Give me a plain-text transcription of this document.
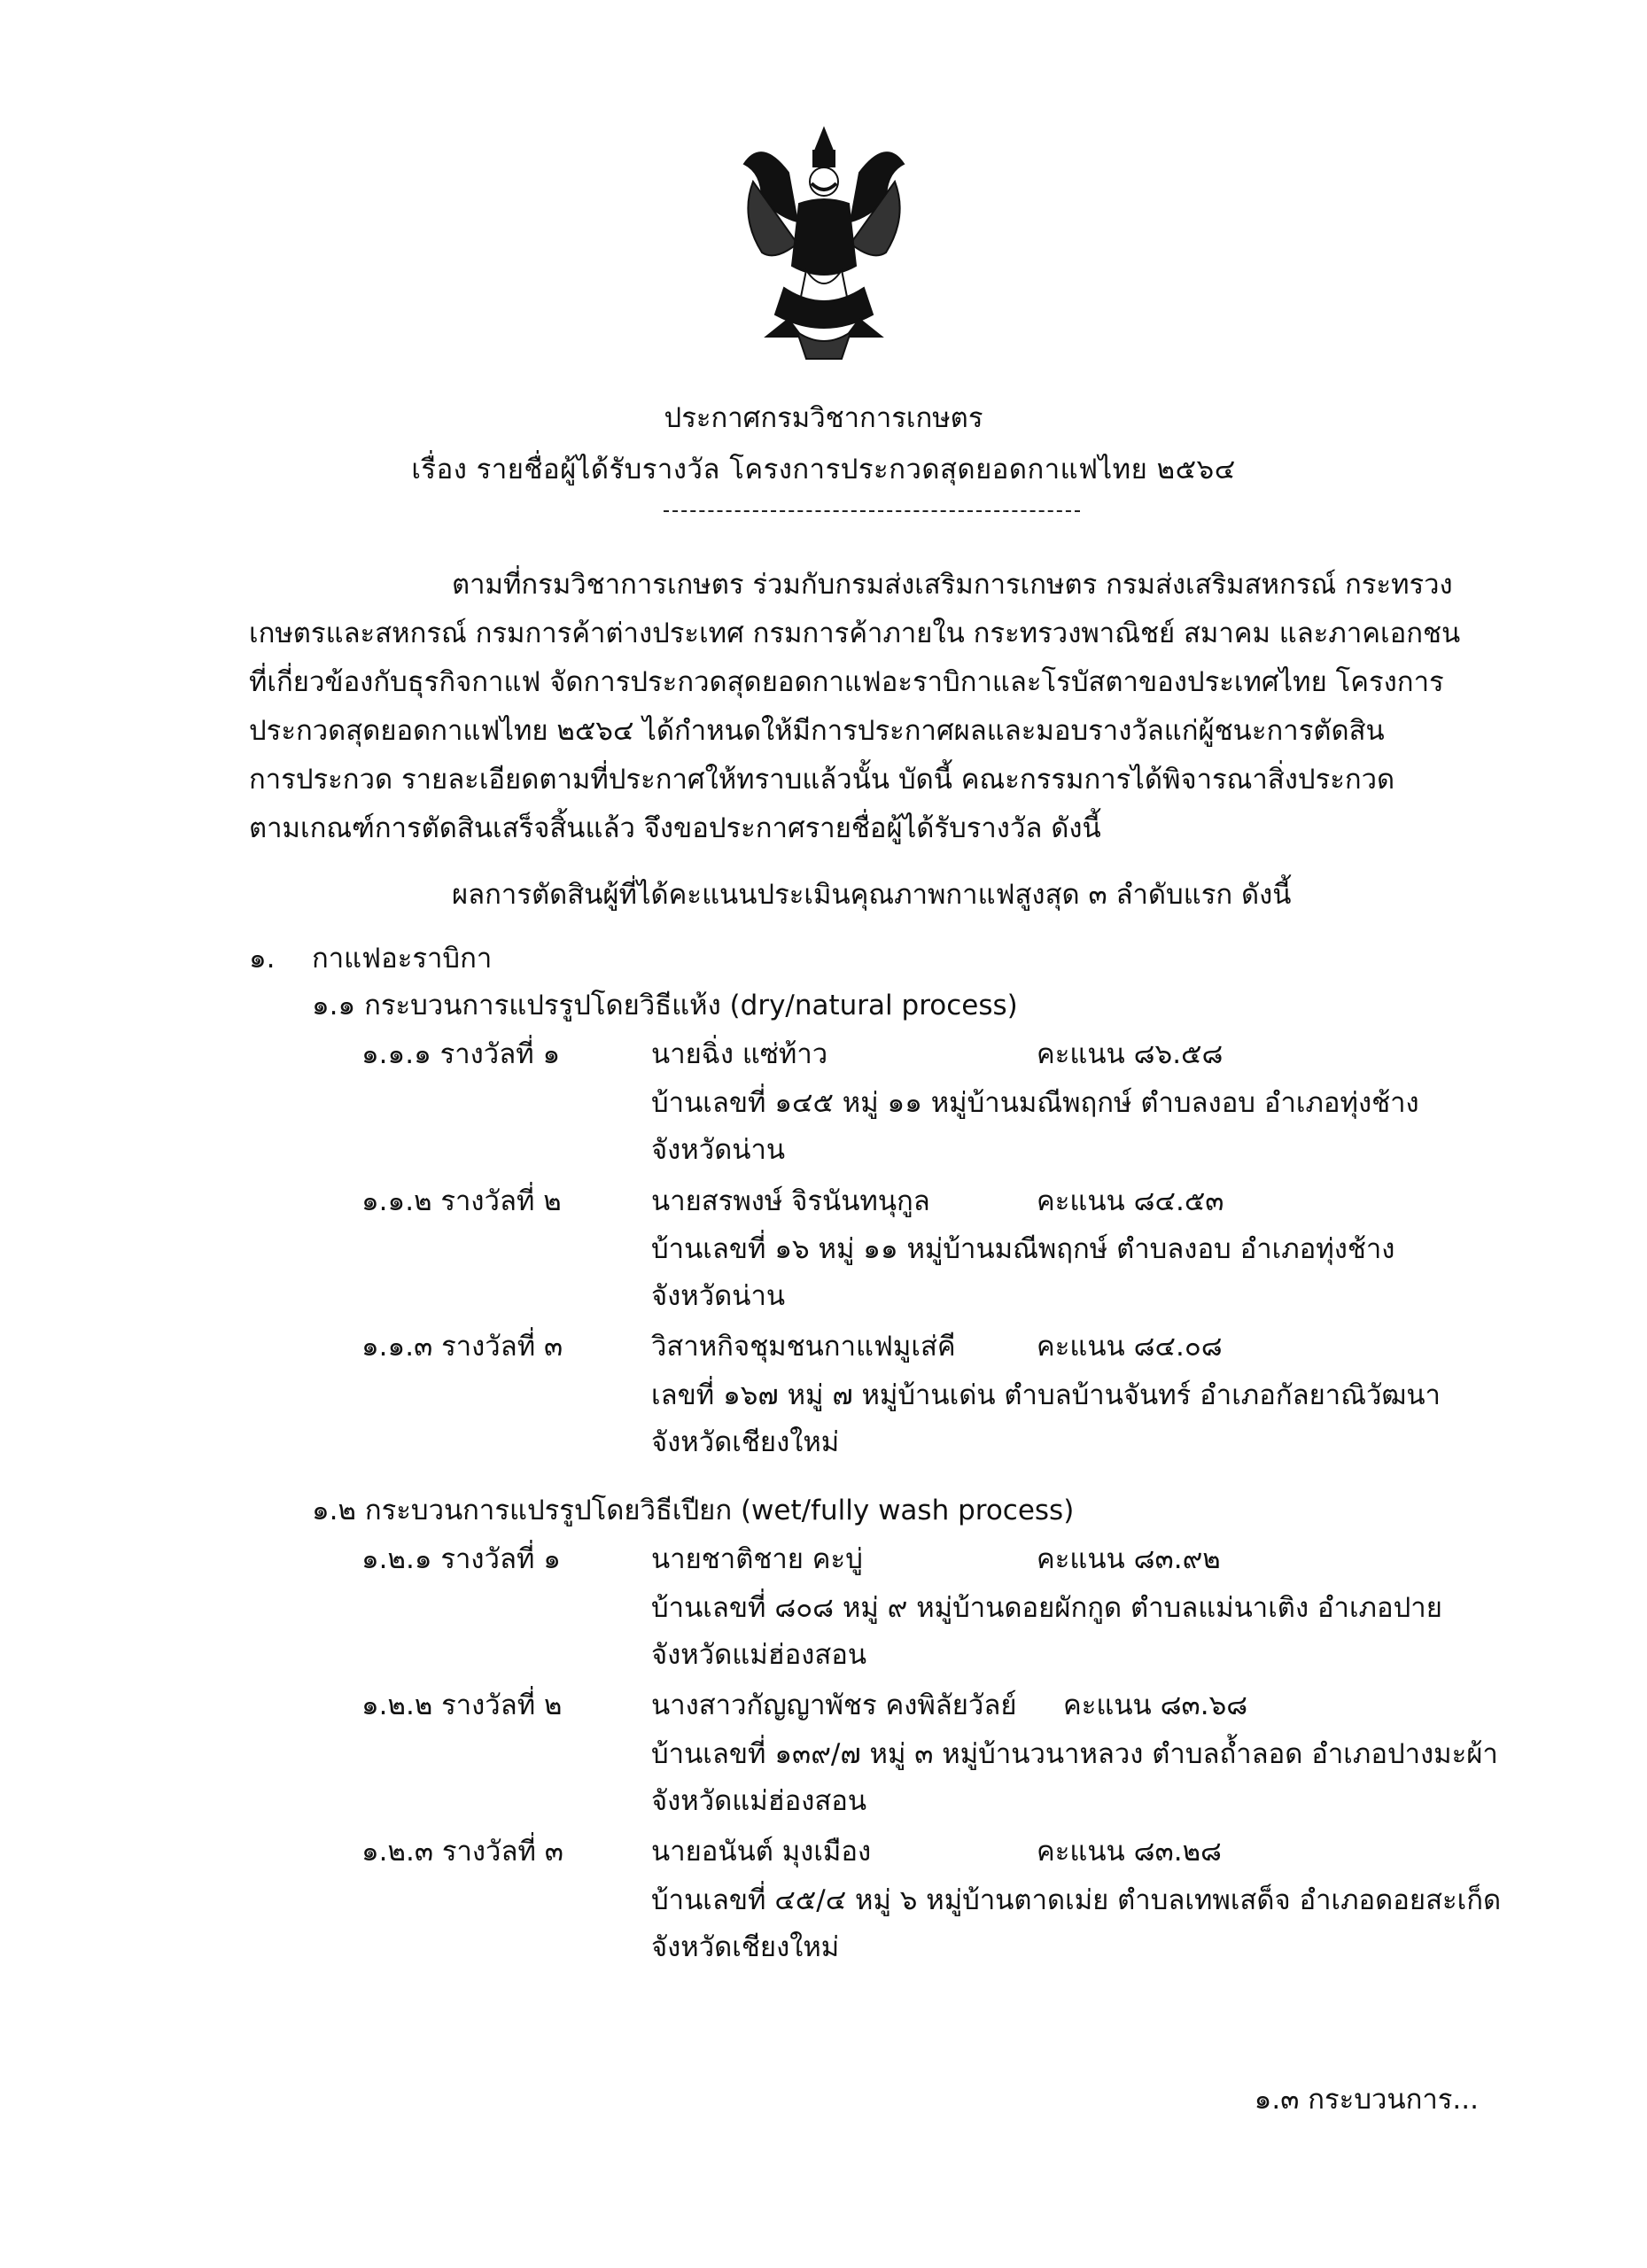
ประกาศกรมวิชาการเกษตร
เรื่อง รายชื่อผู้ได้รับรางวัล โครงการประกวดสุดยอดกาแฟไทย ๒๕๖๔
ตามที่กรมวิชาการเกษตร ร่วมกับกรมส่งเสริมการเกษตร กรมส่งเสริมสหกรณ์ กระทรวง
เกษตรและสหกรณ์ กรมการค้าต่างประเทศ กรมการค้าภายใน กระทรวงพาณิชย์ สมาคม และภาคเอกชน
ที่เกี่ยวข้องกับธุรกิจกาแฟ จัดการประกวดสุดยอดกาแฟอะราบิกาและโรบัสตาของประเทศไทย โครงการ
ประกวดสุดยอดกาแฟไทย ๒๕๖๔ ได้กำหนดให้มีการประกาศผลและมอบรางวัลแก่ผู้ชนะการตัดสิน
การประกวด รายละเอียดตามที่ประกาศให้ทราบแล้วนั้น บัดนี้ คณะกรรมการได้พิจารณาสิ่งประกวด
ตามเกณฑ์การตัดสินเสร็จสิ้นแล้ว จึงขอประกาศรายชื่อผู้ได้รับรางวัล ดังนี้
ผลการตัดสินผู้ที่ได้คะแนนประเมินคุณภาพกาแฟสูงสุด ๓ ลำดับแรก ดังนี้
๑. กาแฟอะราบิกา
๑.๑ กระบวนการแปรรูปโดยวิธีแห้ง (dry/natural process)
๑.๑.๑ รางวัลที่ ๑	นายฉิ่ง แซ่ท้าว	คะแนน ๘๖.๕๘
บ้านเลขที่ ๑๔๕ หมู่ ๑๑ หมู่บ้านมณีพฤกษ์ ตำบลงอบ อำเภอทุ่งช้าง
จังหวัดน่าน
๑.๑.๒ รางวัลที่ ๒	นายสรพงษ์ จิรนันทนุกูล	คะแนน ๘๔.๕๓
บ้านเลขที่ ๑๖ หมู่ ๑๑ หมู่บ้านมณีพฤกษ์ ตำบลงอบ อำเภอทุ่งช้าง
จังหวัดน่าน
๑.๑.๓ รางวัลที่ ๓	วิสาหกิจชุมชนกาแฟมูเส่คี	คะแนน ๘๔.๐๘
เลขที่ ๑๖๗ หมู่ ๗ หมู่บ้านเด่น ตำบลบ้านจันทร์ อำเภอกัลยาณิวัฒนา
จังหวัดเชียงใหม่
๑.๒ กระบวนการแปรรูปโดยวิธีเปียก (wet/fully wash process)
๑.๒.๑ รางวัลที่ ๑	นายชาติชาย คะบู่	คะแนน ๘๓.๙๒
บ้านเลขที่ ๘๐๘ หมู่ ๙ หมู่บ้านดอยผักกูด ตำบลแม่นาเติง อำเภอปาย
จังหวัดแม่ฮ่องสอน
๑.๒.๒ รางวัลที่ ๒	นางสาวกัญญาพัชร คงพิลัยวัลย์ คะแนน ๘๓.๖๘
บ้านเลขที่ ๑๓๙/๗ หมู่ ๓ หมู่บ้านวนาหลวง ตำบลถ้ำลอด อำเภอปางมะผ้า
จังหวัดแม่ฮ่องสอน
๑.๒.๓ รางวัลที่ ๓	นายอนันต์ มุงเมือง	คะแนน ๘๓.๒๘
บ้านเลขที่ ๔๕/๔ หมู่ ๖ หมู่บ้านตาดเม่ย ตำบลเทพเสด็จ อำเภอดอยสะเก็ด
จังหวัดเชียงใหม่
๑.๓ กระบวนการ...
